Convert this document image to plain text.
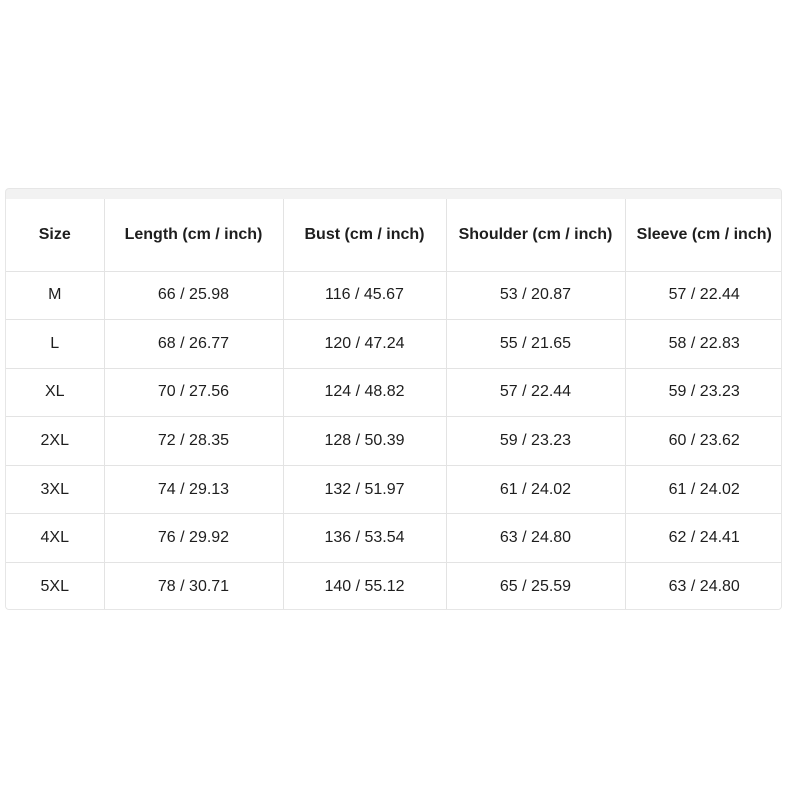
Size	Length (cm / inch)	Bust (cm / inch)	Shoulder (cm / inch)	Sleeve (cm / inch)
M	66 / 25.98	116 / 45.67	53 / 20.87	57 / 22.44
L	68 / 26.77	120 / 47.24	55 / 21.65	58 / 22.83
XL	70 / 27.56	124 / 48.82	57 / 22.44	59 / 23.23
2XL	72 / 28.35	128 / 50.39	59 / 23.23	60 / 23.62
3XL	74 / 29.13	132 / 51.97	61 / 24.02	61 / 24.02
4XL	76 / 29.92	136 / 53.54	63 / 24.80	62 / 24.41
5XL	78 / 30.71	140 / 55.12	65 / 25.59	63 / 24.80
